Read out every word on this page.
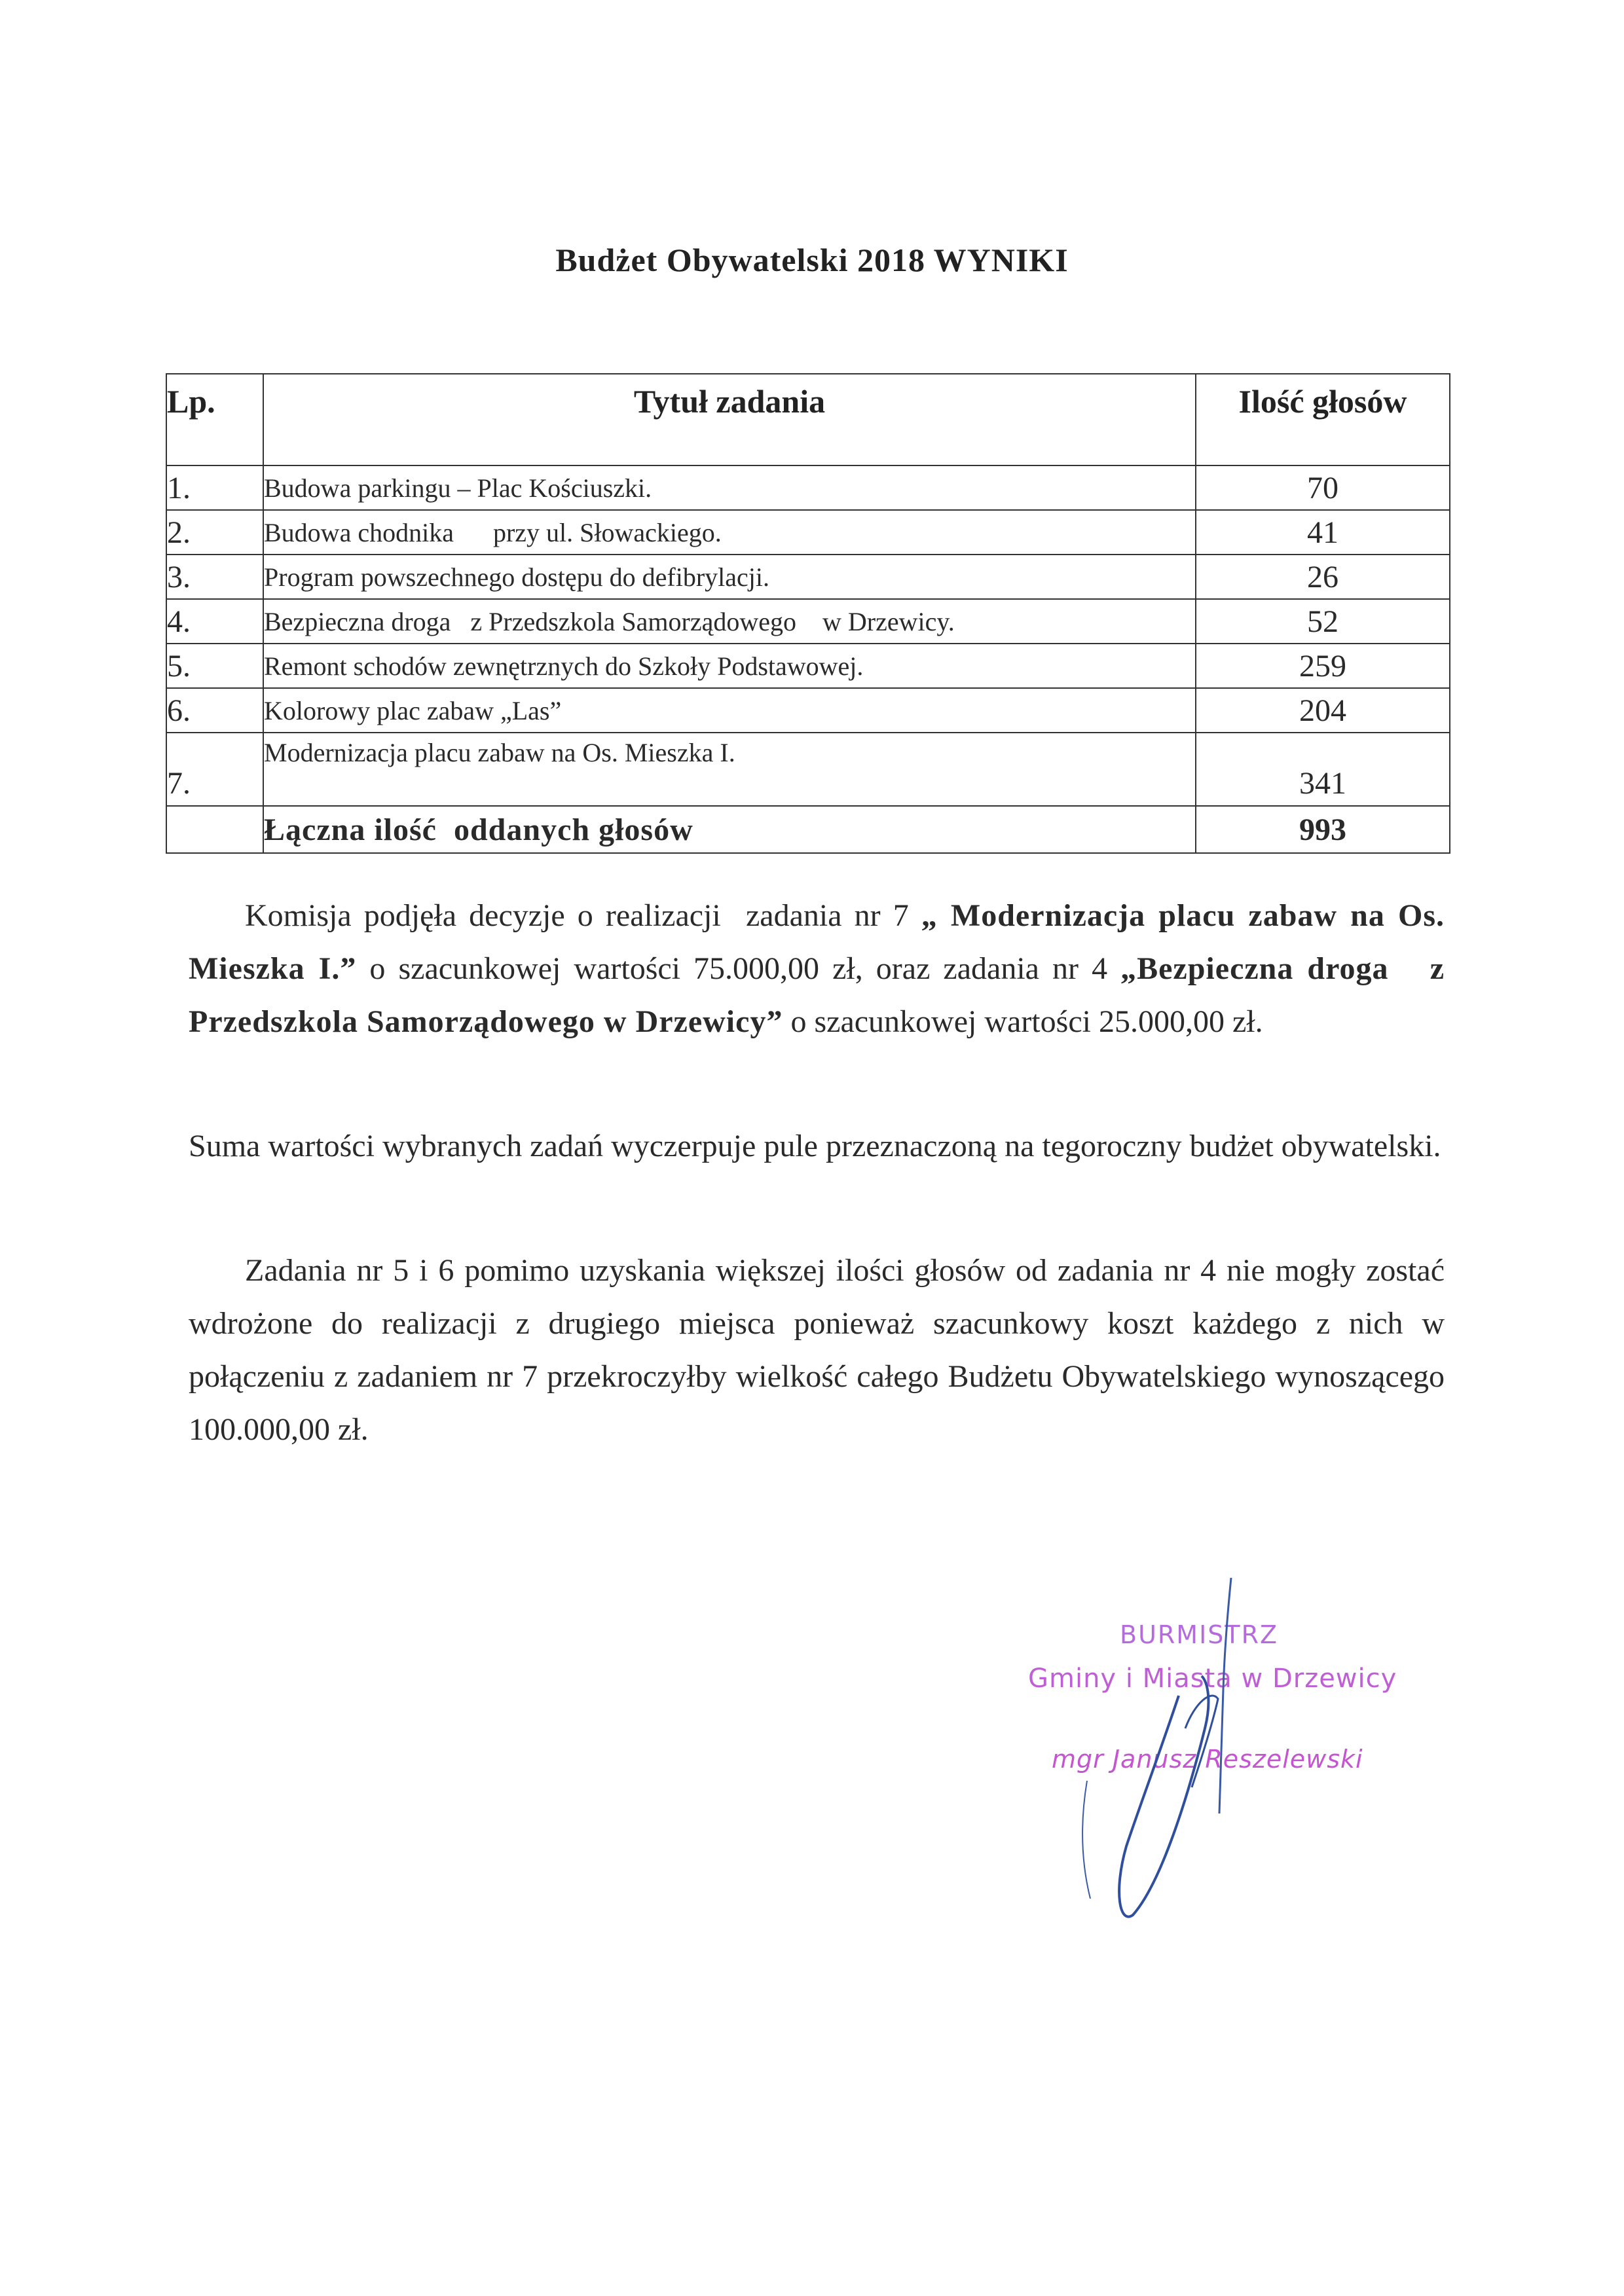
Budżet Obywatelski 2018 WYNIKI
Lp.	Tytuł zadania	Ilość głosów
1.	Budowa parkingu – Plac Kościuszki.	70
2.	Budowa chodnika      przy ul. Słowackiego.	41
3.	Program powszechnego dostępu do defibrylacji.	26
4.	Bezpieczna droga   z Przedszkola Samorządowego    w Drzewicy.	52
5.	Remont schodów zewnętrznych do Szkoły Podstawowej.	259
6.	Kolorowy plac zabaw „Las”	204
7.	Modernizacja placu zabaw na Os. Mieszka I.	341
	Łączna ilość  oddanych głosów	993
Komisja podjęła decyzje o realizacji  zadania nr 7 „ Modernizacja placu zabaw na Os. Mieszka I.” o szacunkowej wartości 75.000,00 zł, oraz zadania nr 4 „Bezpieczna droga   z Przedszkola Samorządowego w Drzewicy” o szacunkowej wartości 25.000,00 zł.
Suma wartości wybranych zadań wyczerpuje pule przeznaczoną na tegoroczny budżet obywatelski.
Zadania nr 5 i 6 pomimo uzyskania większej ilości głosów od zadania nr 4 nie mogły zostać wdrożone do realizacji z drugiego miejsca ponieważ szacunkowy koszt każdego z nich w połączeniu z zadaniem nr 7 przekroczyłby wielkość całego Budżetu Obywatelskiego wynoszącego 100.000,00 zł.
BURMISTRZ
Gminy i Miasta w Drzewicy
mgr Janusz Reszelewski
